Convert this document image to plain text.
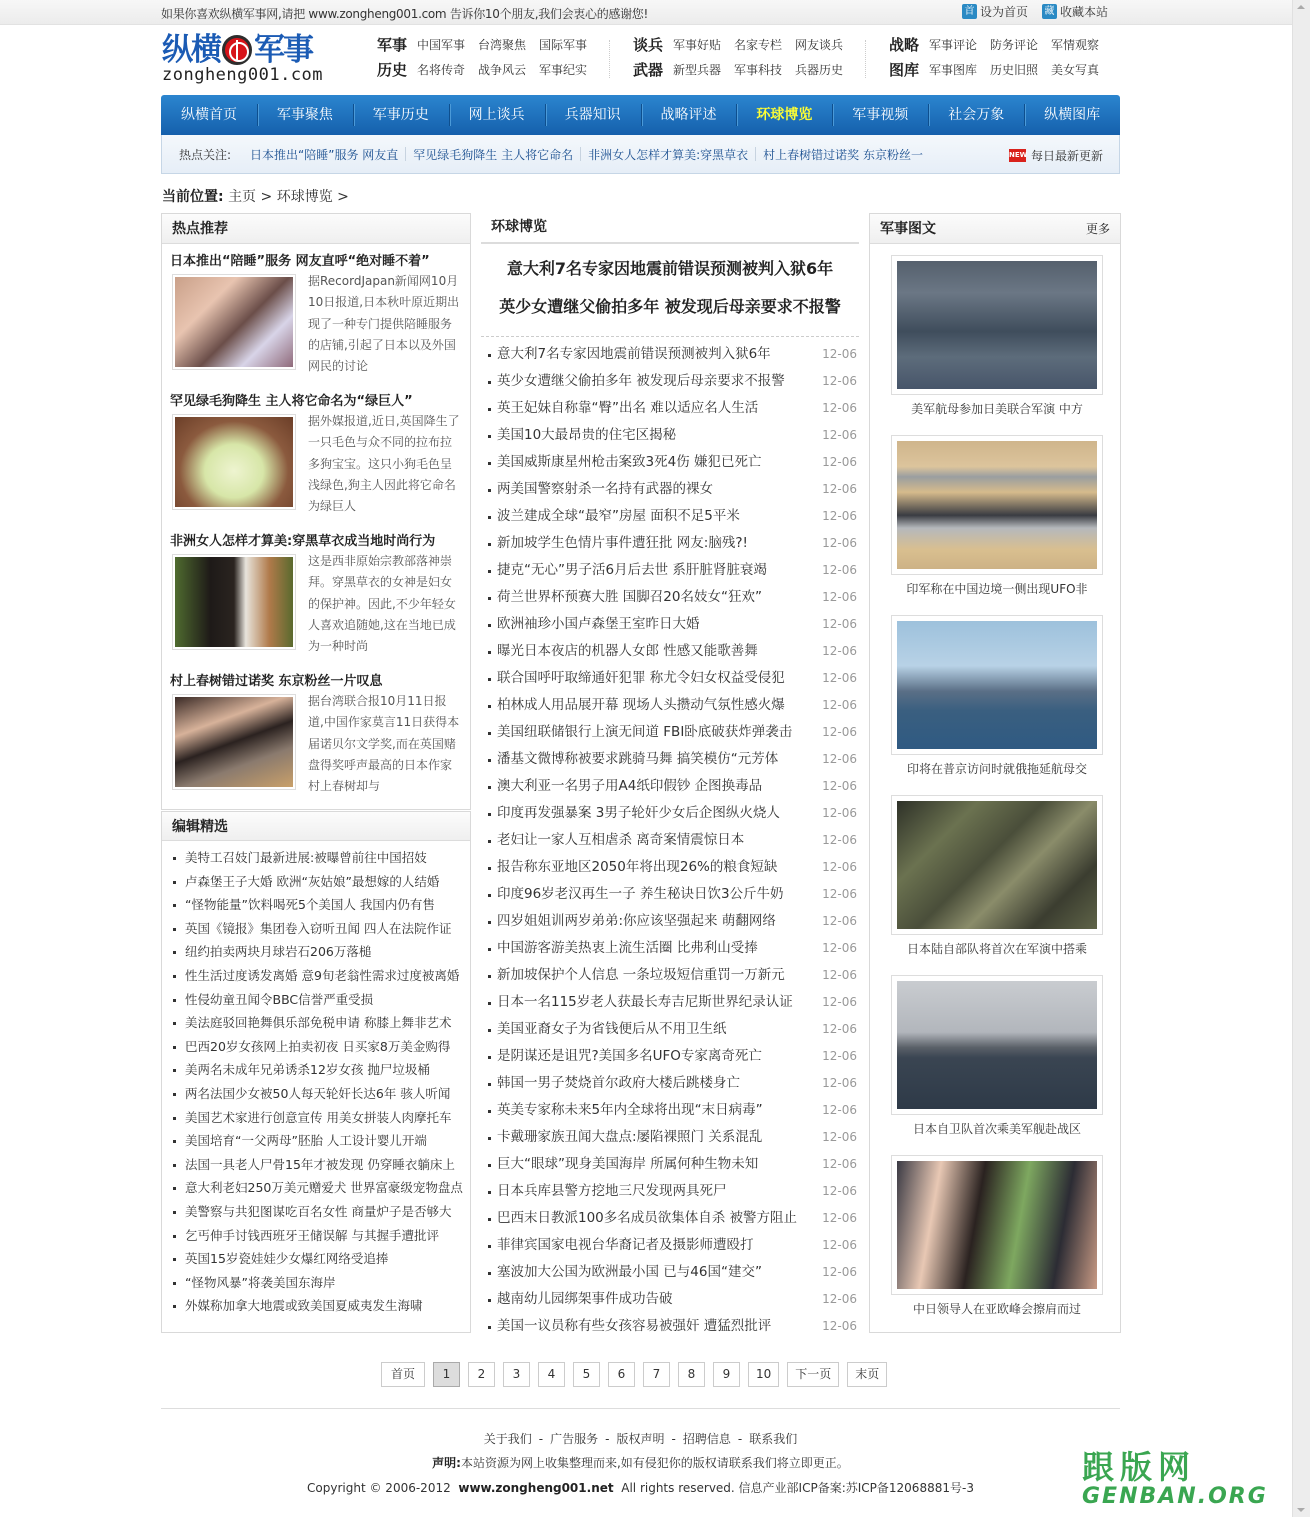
如果你喜欢纵横军事网,请把 www.zongheng001.com 告诉你10个朋友,我们会衷心的感谢您!	首 设为首页 藏 收藏本站
纵横 军事
zongheng001.com
军事 中国军事 台湾聚焦 国际军事
历史 名将传奇 战争风云 军事纪实
谈兵 军事好贴 名家专栏 网友谈兵
武器 新型兵器 军事科技 兵器历史
战略 军事评论 防务评论 军情观察
图库 军事图库 历史旧照 美女写真
纵横首页	军事聚焦	军事历史	网上谈兵	兵器知识	战略评述	环球博览	军事视频	社会万象	纵横图库
热点关注:	日本推出“陪睡”服务 网友直	罕见绿毛狗降生 主人将它命名	非洲女人怎样才算美:穿黑草衣	村上春树错过诺奖 东京粉丝一	NEW 每日最新更新
当前位置: 主页 > 环球博览 >
热点推荐
日本推出“陪睡”服务 网友直呼“绝对睡不着”
据RecordJapan新闻网10月10日报道,日本秋叶原近期出现了一种专门提供陪睡服务的店铺,引起了日本以及外国网民的讨论
罕见绿毛狗降生 主人将它命名为“绿巨人”
据外媒报道,近日,英国降生了一只毛色与众不同的拉布拉多狗宝宝。这只小狗毛色呈浅绿色,狗主人因此将它命名为绿巨人
非洲女人怎样才算美:穿黑草衣成当地时尚行为
这是西非原始宗教部落神崇拜。穿黑草衣的女神是妇女的保护神。因此,不少年轻女人喜欢追随她,这在当地已成为一种时尚
村上春树错过诺奖 东京粉丝一片叹息
据台湾联合报10月11日报道,中国作家莫言11日获得本届诺贝尔文学奖,而在英国赌盘得奖呼声最高的日本作家村上春树却与
编辑精选
美特工召妓门最新进展:被曝曾前往中国招妓
卢森堡王子大婚 欧洲“灰姑娘”最想嫁的人结婚
“怪物能量”饮料喝死5个美国人 我国内仍有售
英国《镜报》集团卷入窃听丑闻 四人在法院作证
纽约拍卖两块月球岩石206万落槌
性生活过度诱发离婚 意9旬老翁性需求过度被离婚
性侵幼童丑闻令BBC信誉严重受损
美法庭驳回艳舞俱乐部免税申请 称膝上舞非艺术
巴西20岁女孩网上拍卖初夜 日买家8万美金购得
美两名未成年兄弟诱杀12岁女孩 抛尸垃圾桶
两名法国少女被50人每天轮奸长达6年 骇人听闻
美国艺术家进行创意宣传 用美女拼装人肉摩托车
美国培育“一父两母”胚胎 人工设计婴儿开端
法国一具老人尸骨15年才被发现 仍穿睡衣躺床上
意大利老妇250万美元赠爱犬 世界富豪级宠物盘点
美警察与共犯图谋吃百名女性 商量炉子是否够大
乞丐伸手讨钱西班牙王储误解 与其握手遭批评
英国15岁瓷娃娃少女爆红网络受追捧
“怪物风暴”将袭美国东海岸
外媒称加拿大地震或致美国夏威夷发生海啸
环球博览
意大利7名专家因地震前错误预测被判入狱6年
英少女遭继父偷拍多年 被发现后母亲要求不报警
意大利7名专家因地震前错误预测被判入狱6年	12-06
英少女遭继父偷拍多年 被发现后母亲要求不报警	12-06
英王妃妹自称靠“臀”出名 难以适应名人生活	12-06
美国10大最昂贵的住宅区揭秘	12-06
美国威斯康星州枪击案致3死4伤 嫌犯已死亡	12-06
两美国警察射杀一名持有武器的裸女	12-06
波兰建成全球“最窄”房屋 面积不足5平米	12-06
新加坡学生色情片事件遭狂批 网友:脑残?!	12-06
捷克“无心”男子活6月后去世 系肝脏肾脏衰竭	12-06
荷兰世界杯预赛大胜 国脚召20名妓女“狂欢”	12-06
欧洲袖珍小国卢森堡王室昨日大婚	12-06
曝光日本夜店的机器人女郎 性感又能歌善舞	12-06
联合国呼吁取缔通奸犯罪 称尤令妇女权益受侵犯	12-06
柏林成人用品展开幕 现场人头攒动气氛性感火爆	12-06
美国纽联储银行上演无间道 FBI卧底破获炸弹袭击 12-06
潘基文微博称被要求跳骑马舞 搞笑模仿“元芳体	12-06
澳大利亚一名男子用A4纸印假钞 企图换毒品	12-06
印度再发强暴案 3男子轮奸少女后企图纵火烧人	12-06
老妇让一家人互相虐杀 离奇案情震惊日本	12-06
报告称东亚地区2050年将出现26%的粮食短缺	12-06
印度96岁老汉再生一子 养生秘诀日饮3公斤牛奶	12-06
四岁姐姐训两岁弟弟:你应该坚强起来 萌翻网络	12-06
中国游客游美热衷上流生活圈 比弗利山受捧	12-06
新加坡保护个人信息 一条垃圾短信重罚一万新元	12-06
日本一名115岁老人获最长寿吉尼斯世界纪录认证 12-06
美国亚裔女子为省钱便后从不用卫生纸	12-06
是阴谋还是诅咒?美国多名UFO专家离奇死亡	12-06
韩国一男子焚烧首尔政府大楼后跳楼身亡	12-06
英美专家称未来5年内全球将出现“末日病毒”	12-06
卡戴珊家族丑闻大盘点:屡陷裸照门 关系混乱	12-06
巨大“眼球”现身美国海岸 所属何种生物未知	12-06
日本兵库县警方挖地三尺发现两具死尸	12-06
巴西末日教派100多名成员欲集体自杀 被警方阻止 12-06
菲律宾国家电视台华裔记者及摄影师遭殴打	12-06
塞波加大公国为欧洲最小国 已与46国“建交”	12-06
越南幼儿园绑架事件成功告破	12-06
美国一议员称有些女孩容易被强奸 遭猛烈批评	12-06
军事图文	更多
美军航母参加日美联合军演 中方
印军称在中国边境一侧出现UFO非
印将在普京访问时就俄拖延航母交
日本陆自部队将首次在军演中搭乘
日本自卫队首次乘美军舰赴战区
中日领导人在亚欧峰会擦肩而过
首页	1	2	3	4	5	6	7	8	9	10	下一页	末页
关于我们 - 广告服务 - 版权声明 - 招聘信息 - 联系我们
声明:本站资源为网上收集整理而来,如有侵犯你的版权请联系我们将立即更正。
Copyright © 2006-2012 www.zongheng001.net All rights reserved. 信息产业部ICP备案:苏ICP备12068881号-3
跟版网
GENBAN.ORG
